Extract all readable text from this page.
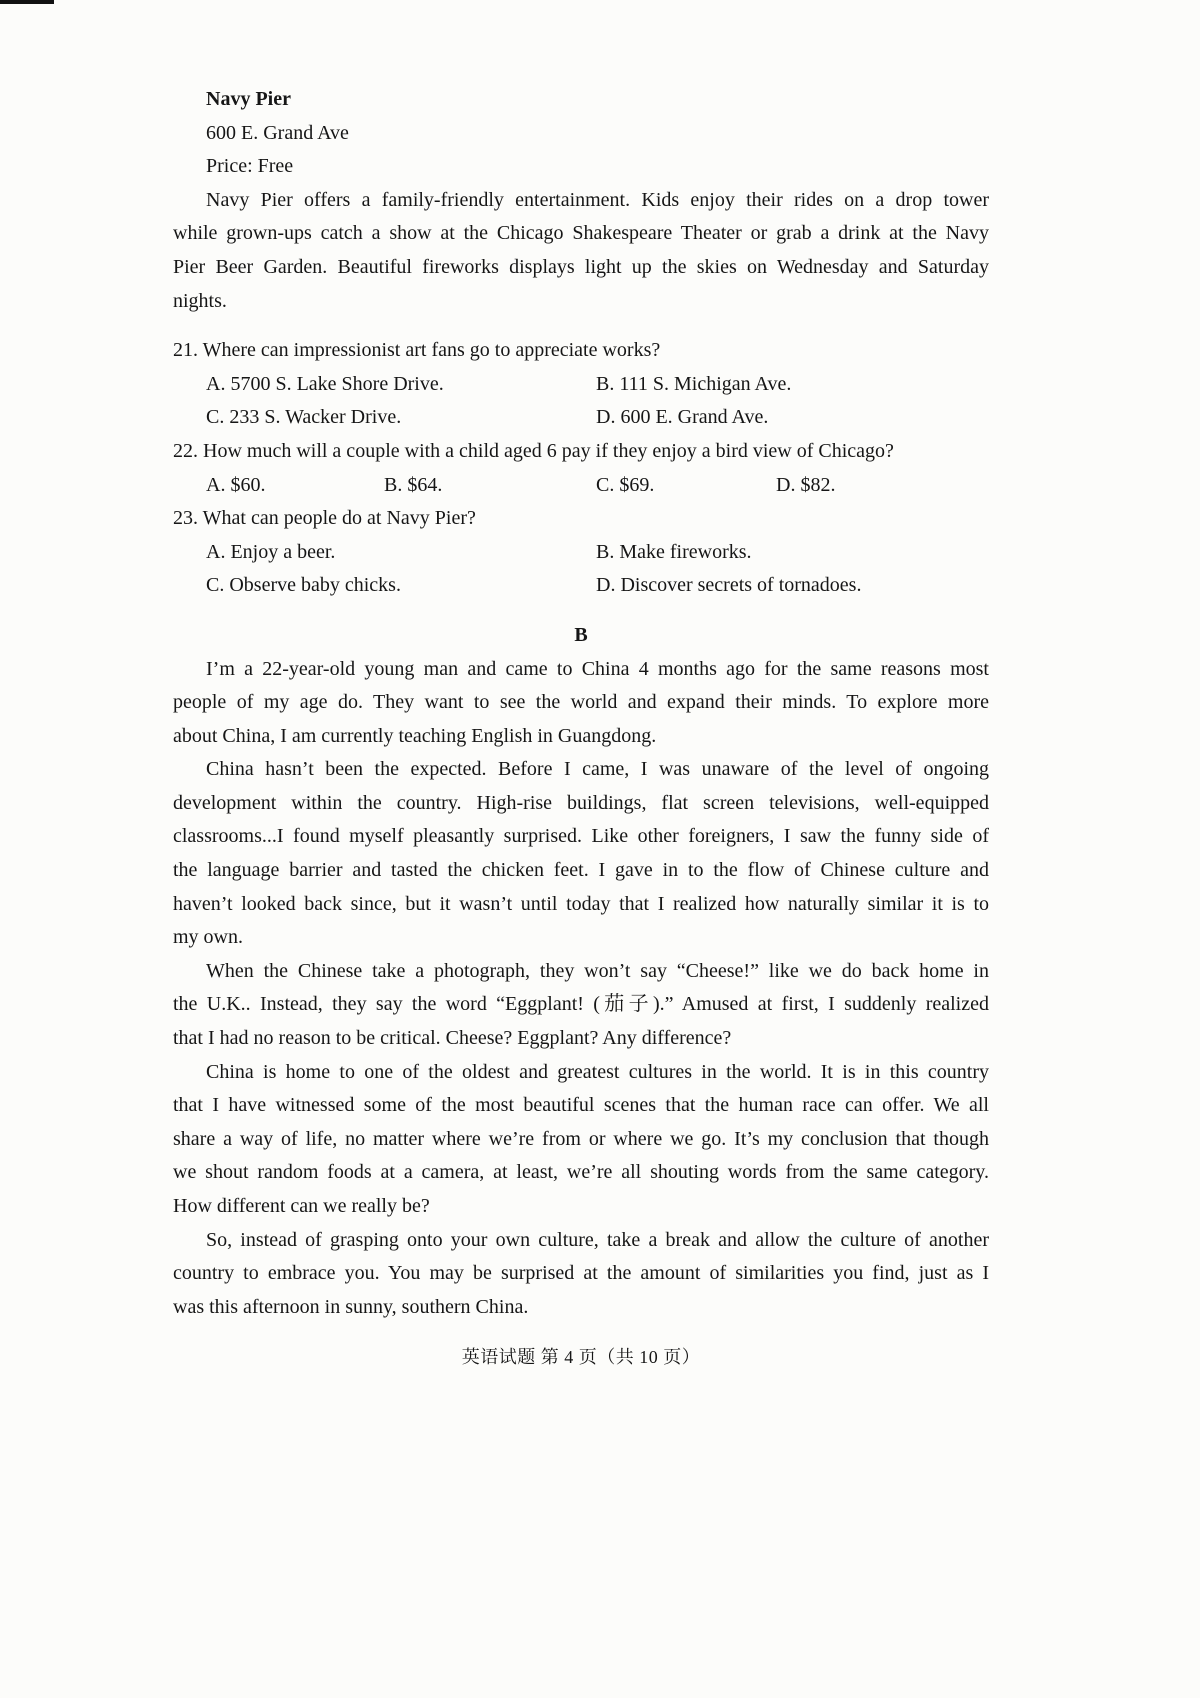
Navy Pier
600 E. Grand Ave
Price: Free
Navy Pier offers a family-friendly entertainment. Kids enjoy their rides on a drop tower
while grown-ups catch a show at the Chicago Shakespeare Theater or grab a drink at the Navy
Pier Beer Garden. Beautiful fireworks displays light up the skies on Wednesday and Saturday
nights.
21. Where can impressionist art fans go to appreciate works?
A. 5700 S. Lake Shore Drive.	B. 111 S. Michigan Ave.
C. 233 S. Wacker Drive.	D. 600 E. Grand Ave.
22. How much will a couple with a child aged 6 pay if they enjoy a bird view of Chicago?
A. $60.	B. $64.	C. $69.	D. $82.
23. What can people do at Navy Pier?
A. Enjoy a beer.	B. Make fireworks.
C. Observe baby chicks.	D. Discover secrets of tornadoes.
B
I’m a 22-year-old young man and came to China 4 months ago for the same reasons most
people of my age do. They want to see the world and expand their minds. To explore more
about China, I am currently teaching English in Guangdong.
China hasn’t been the expected. Before I came, I was unaware of the level of ongoing
development within the country. High-rise buildings, flat screen televisions, well-equipped
classrooms...I found myself pleasantly surprised. Like other foreigners, I saw the funny side of
the language barrier and tasted the chicken feet. I gave in to the flow of Chinese culture and
haven’t looked back since, but it wasn’t until today that I realized how naturally similar it is to
my own.
When the Chinese take a photograph, they won’t say “Cheese!” like we do back home in
the U.K.. Instead, they say the word “Eggplant! (茄子).” Amused at first, I suddenly realized
that I had no reason to be critical. Cheese? Eggplant? Any difference?
China is home to one of the oldest and greatest cultures in the world. It is in this country
that I have witnessed some of the most beautiful scenes that the human race can offer. We all
share a way of life, no matter where we’re from or where we go. It’s my conclusion that though
we shout random foods at a camera, at least, we’re all shouting words from the same category.
How different can we really be?
So, instead of grasping onto your own culture, take a break and allow the culture of another
country to embrace you. You may be surprised at the amount of similarities you find, just as I
was this afternoon in sunny, southern China.
英语试题 第 4 页（共 10 页）
